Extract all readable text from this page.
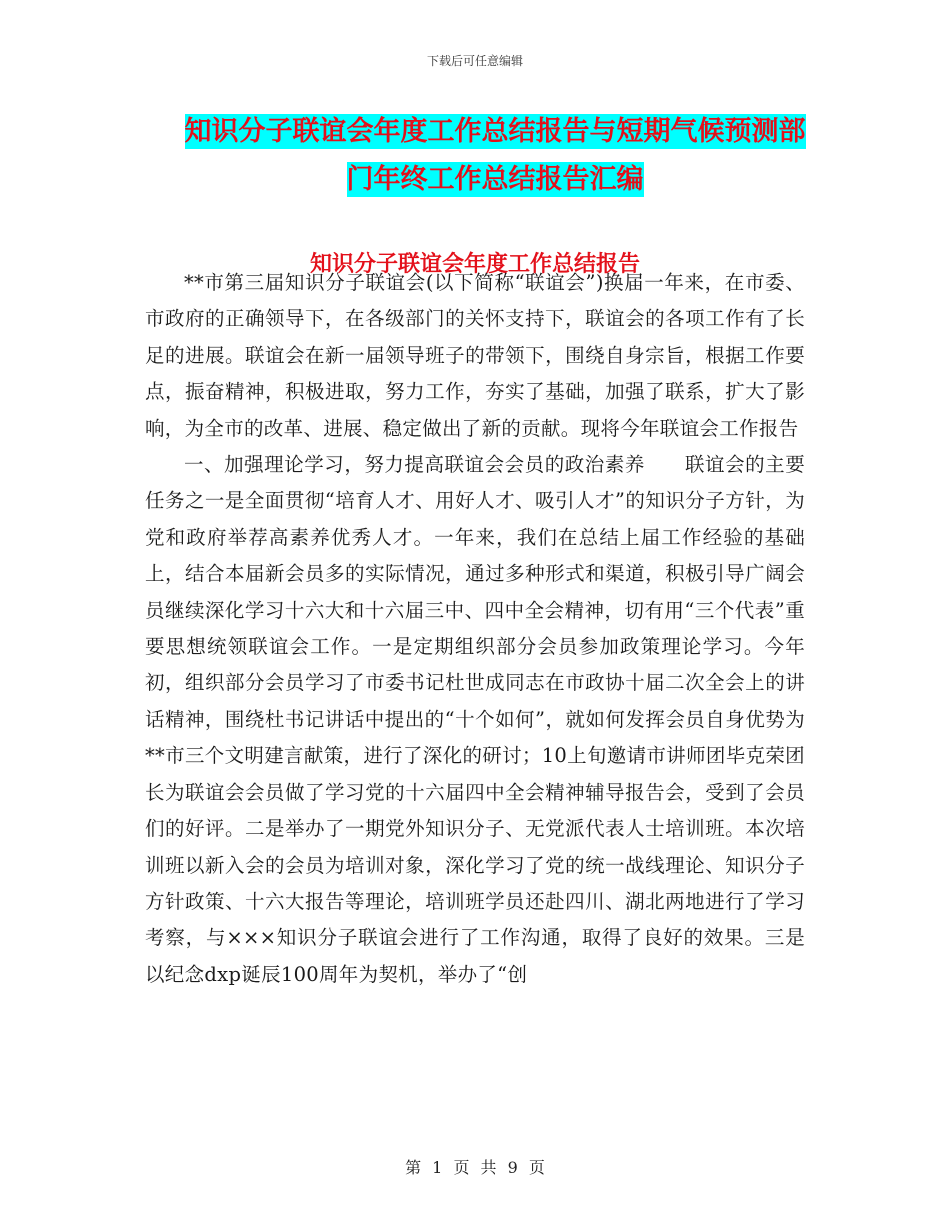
下载后可任意编辑
知识分子联谊会年度工作总结报告与短期气候预测部
门年终工作总结报告汇编
知识分子联谊会年度工作总结报告

**市第三届知识分子联谊会(以下简称“联谊会”)换届一年来，在市委、市政府的正确领导下，在各级部门的关怀支持下，联谊会的各项工作有了长足的进展。联谊会在新一届领导班子的带领下，围绕自身宗旨，根据工作要点，振奋精神，积极进取，努力工作，夯实了基础，加强了联系，扩大了影响，为全市的改革、进展、稳定做出了新的贡献。现将今年联谊会工作报告

一、加强理论学习，努力提高联谊会会员的政治素养　　联谊会的主要任务之一是全面贯彻“培育人才、用好人才、吸引人才”的知识分子方针，为党和政府举荐高素养优秀人才。一年来，我们在总结上届工作经验的基础上，结合本届新会员多的实际情况，通过多种形式和渠道，积极引导广阔会员继续深化学习十六大和十六届三中、四中全会精神，切有用“三个代表”重要思想统领联谊会工作。一是定期组织部分会员参加政策理论学习。今年初，组织部分会员学习了市委书记杜世成同志在市政协十届二次全会上的讲话精神，围绕杜书记讲话中提出的“十个如何”，就如何发挥会员自身优势为**市三个文明建言献策，进行了深化的研讨；10上旬邀请市讲师团毕克荣团长为联谊会会员做了学习党的十六届四中全会精神辅导报告会，受到了会员们的好评。二是举办了一期党外知识分子、无党派代表人士培训班。本次培训班以新入会的会员为培训对象，深化学习了党的统一战线理论、知识分子方针政策、十六大报告等理论，培训班学员还赴四川、湖北两地进行了学习考察，与×××知识分子联谊会进行了工作沟通，取得了良好的效果。三是以纪念dxp诞辰100周年为契机，举办了“创

第 1 页 共 9 页
